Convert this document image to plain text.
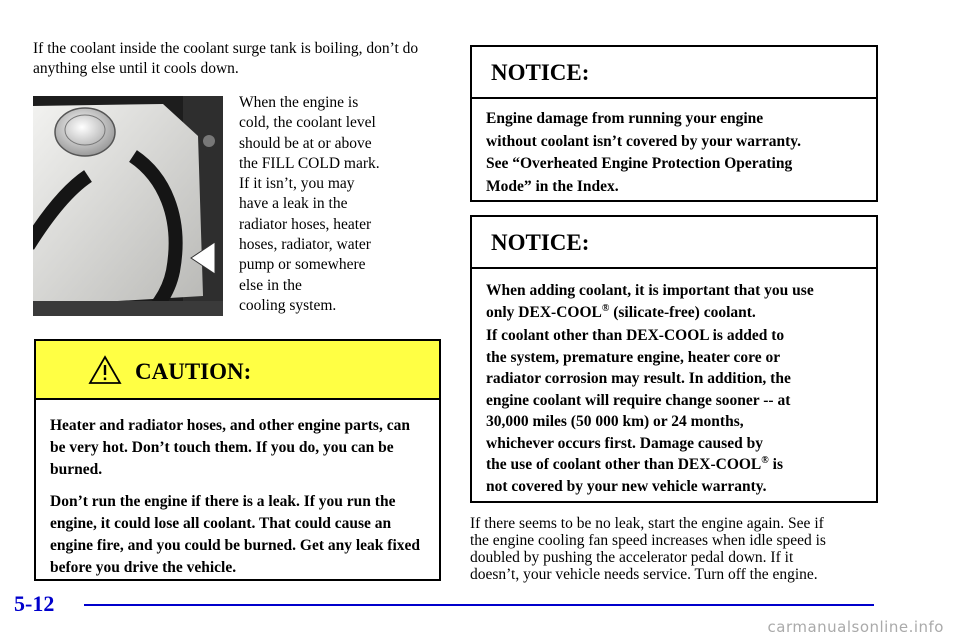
If the coolant inside the coolant surge tank is boiling, don’t do anything else until it cools down.
When the engine is
cold, the coolant level
should be at or above
the FILL COLD mark.
If it isn’t, you may
have a leak in the
radiator hoses, heater
hoses, radiator, water
pump or somewhere
else in the
cooling system.
CAUTION:

Heater and radiator hoses, and other engine parts, can be very hot. Don’t touch them. If you do, you can be burned.

Don’t run the engine if there is a leak. If you run the engine, it could lose all coolant. That could cause an engine fire, and you could be burned. Get any leak fixed before you drive the vehicle.

NOTICE:
Engine damage from running your engine
without coolant isn’t covered by your warranty.
See “Overheated Engine Protection Operating
Mode” in the Index.
NOTICE:

When adding coolant, it is important that you use
only DEX-COOL® (silicate-free) coolant.

If coolant other than DEX-COOL is added to
the system, premature engine, heater core or
radiator corrosion may result. In addition, the
engine coolant will require change sooner -- at
30,000 miles (50 000 km) or 24 months,
whichever occurs first. Damage caused by
the use of coolant other than DEX-COOL® is
not covered by your new vehicle warranty.

If there seems to be no leak, start the engine again. See if
the engine cooling fan speed increases when idle speed is
doubled by pushing the accelerator pedal down. If it
doesn’t, your vehicle needs service. Turn off the engine.
5-12
carmanualsonline.info
